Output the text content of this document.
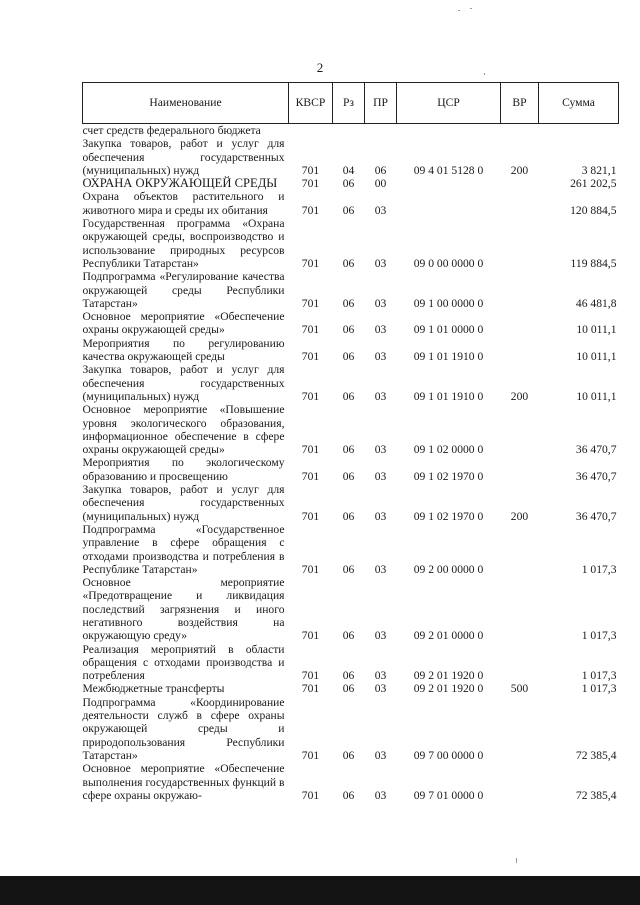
2
Наименование	КВСР	Рз	ПР	ЦСР	ВР	Сумма
счет средств федерального бюджета						
Закупка товаров, работ и услуг для обеспечения государственных (муниципальных) нужд	701	04	06	09 4 01 5128 0	200	3 821,1
ОХРАНА ОКРУЖАЮЩЕЙ СРЕДЫ	701	06	00			261 202,5
Охрана объектов растительного и животного мира и среды их обитания	701	06	03			120 884,5
Государственная программа «Охрана окружающей среды, воспроизводство и использование природных ресурсов Республики Татарстан»	701	06	03	09 0 00 0000 0		119 884,5
Подпрограмма «Регулирование качества окружающей среды Республики Татарстан»	701	06	03	09 1 00 0000 0		46 481,8
Основное мероприятие «Обеспечение охраны окружающей среды»	701	06	03	09 1 01 0000 0		10 011,1
Мероприятия по регулированию качества окружающей среды	701	06	03	09 1 01 1910 0		10 011,1
Закупка товаров, работ и услуг для обеспечения государственных (муниципальных) нужд	701	06	03	09 1 01 1910 0	200	10 011,1
Основное мероприятие «Повышение уровня экологического образования, информационное обеспечение в сфере охраны окружающей среды»	701	06	03	09 1 02 0000 0		36 470,7
Мероприятия по экологическому образованию и просвещению	701	06	03	09 1 02 1970 0		36 470,7
Закупка товаров, работ и услуг для обеспечения государственных (муниципальных) нужд	701	06	03	09 1 02 1970 0	200	36 470,7
Подпрограмма «Государственное управление в сфере обращения с отходами производства и потребления в Республике Татарстан»	701	06	03	09 2 00 0000 0		1 017,3
Основное мероприятие «Предотвращение и ликвидация последствий загрязнения и иного негативного воздействия на окружающую среду»	701	06	03	09 2 01 0000 0		1 017,3
Реализация мероприятий в области обращения с отходами производства и потребления	701	06	03	09 2 01 1920 0		1 017,3
Межбюджетные трансферты	701	06	03	09 2 01 1920 0	500	1 017,3
Подпрограмма «Координирование деятельности служб в сфере охраны окружающей среды и природопользования Республики Татарстан»	701	06	03	09 7 00 0000 0		72 385,4
Основное мероприятие «Обеспечение выполнения государственных функций в сфере охраны окружаю-	701	06	03	09 7 01 0000 0		72 385,4
